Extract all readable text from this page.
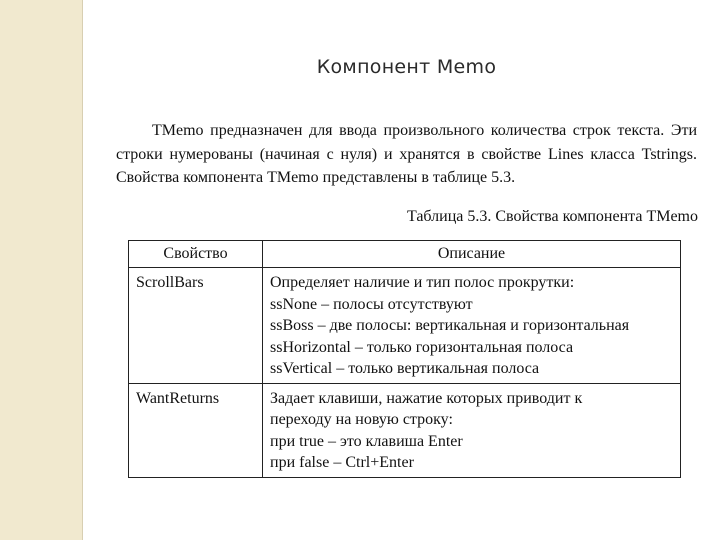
Компонент Memo

TMemo предназначен для ввода произвольного количества строк текста. Эти строки нумерованы (начиная с нуля) и хранятся в свойстве Lines класса Tstrings. Свойства компонента TMemo представлены в таблице 5.3.

Таблица 5.3. Свойства компонента TMemo
Свойство	Описание
ScrollBars	Определяет наличие и тип полос прокрутки:
ssNone – полосы отсутствуют
ssBoss – две полосы: вертикальная и горизонтальная
ssHorizontal – только горизонтальная полоса
ssVertical – только вертикальная полоса

WantReturns	Задает клавиши, нажатие которых приводит к
переходу на новую строку:
при true – это клавиша Enter
при false – Ctrl+Enter
